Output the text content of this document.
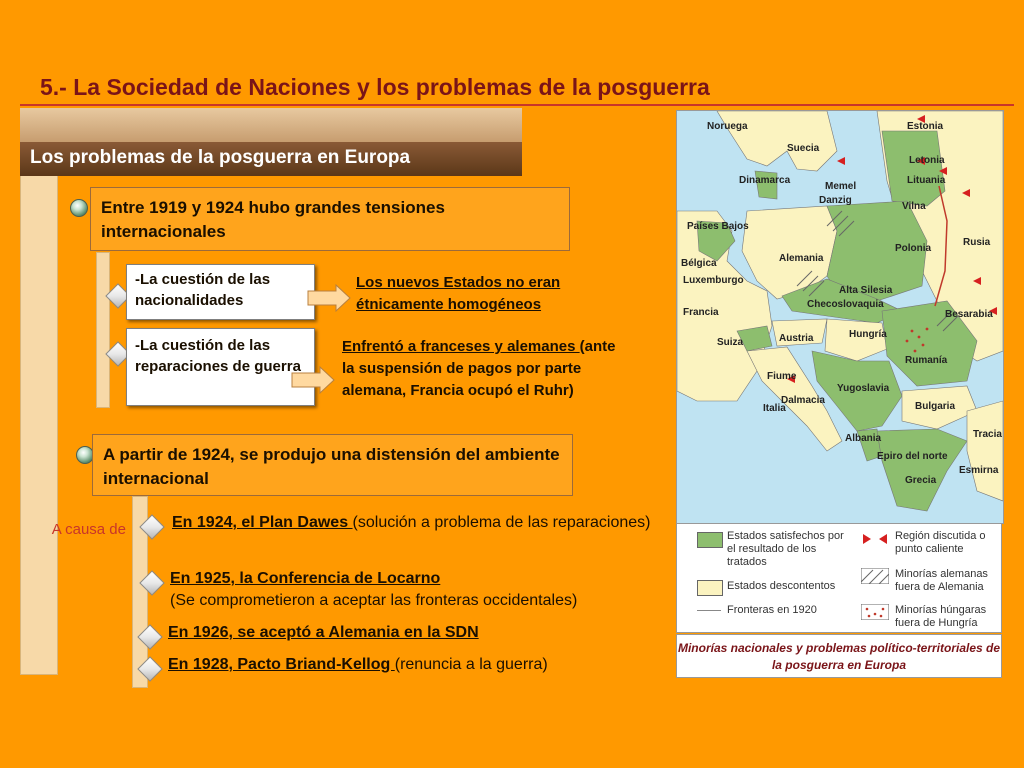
5.- La Sociedad de Naciones y los problemas de la posguerra
Los problemas de la posguerra en Europa
Entre 1919 y 1924 hubo grandes tensiones internacionales
-La cuestión de las nacionalidades
Los nuevos Estados no eran étnicamente homogéneos
-La cuestión de las reparaciones de guerra
Enfrentó a franceses y alemanes (ante la suspensión de pagos por parte alemana, Francia ocupó el Ruhr)
A partir de 1924, se produjo una distensión del ambiente internacional
A causa de	En 1924, el Plan Dawes (solución a problema de las reparaciones)
En 1925, la Conferencia de Locarno
(Se comprometieron a aceptar las fronteras occidentales)
En 1926, se aceptó a Alemania en la SDN
En 1928, Pacto Briand-Kellog (renuncia a la guerra)
Noruega
Suecia
Estonia
Letonia
Dinamarca
Memel
Lituania
Danzig
Vilna
Países Bajos
Rusia
Polonia
Alemania
Bélgica
Alta Silesia
Luxemburgo
Checoslovaquia
Francia	Besarabia
Hungría
Austria
Suiza
Rumanía
Fiume
Yugoslavia
Italia
Dalmacia
Bulgaria
Albania	Tracia
Epiro del norte
Esmirna
Grecia
Estados satisfechos por el resultado de los tratados
Estados descontentos
Fronteras en 1920
Región discutida o punto caliente
Minorías alemanas fuera de Alemania
Minorías húngaras fuera de Hungría
Minorías nacionales y problemas político-territoriales de la posguerra en Europa
